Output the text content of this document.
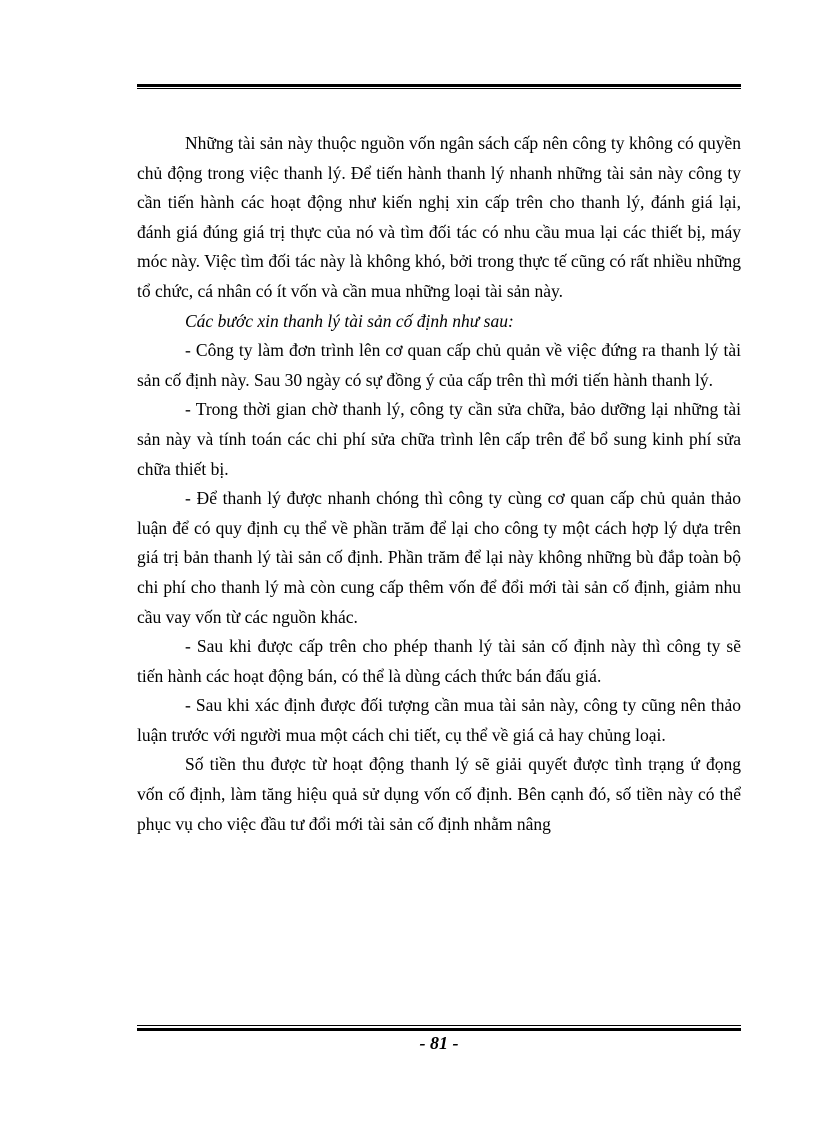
Những tài sản này thuộc nguồn vốn ngân sách cấp nên công ty không có quyền chủ động trong việc thanh lý. Để tiến hành thanh lý nhanh những tài sản này công ty cần tiến hành các hoạt động như kiến nghị xin cấp trên cho thanh lý, đánh giá lại, đánh giá đúng giá trị thực của nó và tìm đối tác có nhu cầu mua lại các thiết bị, máy móc này. Việc tìm đối tác này là không khó, bởi trong thực tế cũng có rất nhiều những tổ chức, cá nhân có ít vốn và cần mua những loại tài sản này.

Các bước xin thanh lý tài sản cố định như sau:

- Công ty làm đơn trình lên cơ quan cấp chủ quản về việc đứng ra thanh lý tài sản cố định này. Sau 30 ngày có sự đồng ý của cấp trên thì mới tiến hành thanh lý.

- Trong thời gian chờ thanh lý, công ty cần sửa chữa, bảo dưỡng lại những tài sản này và tính toán các chi phí sửa chữa trình lên cấp trên để bổ sung kinh phí sửa chữa thiết bị.

- Để thanh lý được nhanh chóng thì công ty cùng cơ quan cấp chủ quản thảo luận để có quy định cụ thể về phần trăm để lại cho công ty một cách hợp lý dựa trên giá trị bản thanh lý tài sản cố định. Phần trăm để lại này không những bù đắp toàn bộ chi phí cho thanh lý mà còn cung cấp thêm vốn để đổi mới tài sản cố định, giảm nhu cầu vay vốn từ các nguồn khác.

- Sau khi được cấp trên cho phép thanh lý tài sản cố định này thì công ty sẽ tiến hành các hoạt động bán, có thể là dùng cách thức bán đấu giá.

- Sau khi xác định được đối tượng cần mua tài sản này, công ty cũng nên thảo luận trước với người mua một cách chi tiết, cụ thể về giá cả hay chủng loại.

Số tiền thu được từ hoạt động thanh lý sẽ giải quyết được tình trạng ứ đọng vốn cố định, làm tăng hiệu quả sử dụng vốn cố định. Bên cạnh đó, số tiền này có thể phục vụ cho việc đầu tư đổi mới tài sản cố định nhằm nâng

- 81 -
